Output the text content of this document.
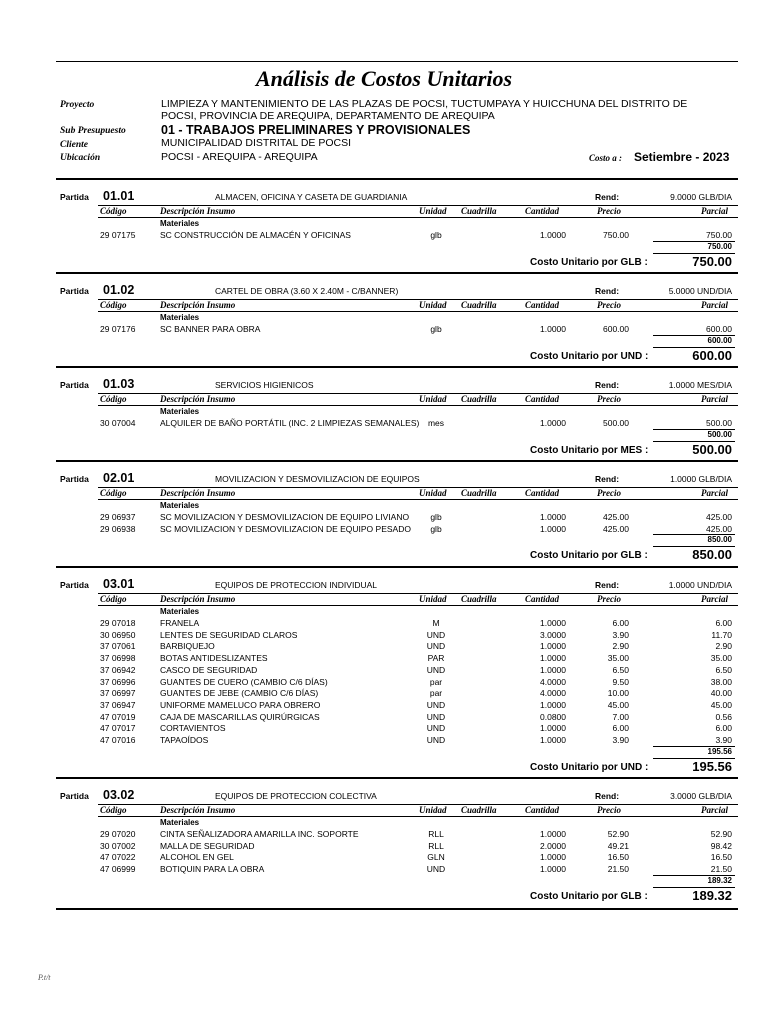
Análisis de Costos Unitarios
Proyecto	LIMPIEZA Y MANTENIMIENTO DE LAS PLAZAS DE POCSI, TUCTUMPAYA Y HUICCHUNA DEL DISTRITO DE
POCSI, PROVINCIA DE AREQUIPA, DEPARTAMENTO DE AREQUIPA
Sub Presupuesto	01 - TRABAJOS PRELIMINARES Y PROVISIONALES
Cliente	MUNICIPALIDAD DISTRITAL DE POCSI
Ubicación	POCSI - AREQUIPA - AREQUIPA	Costo a : Setiembre - 2023
Partida 01.01	ALMACEN, OFICINA Y CASETA DE GUARDIANIA	Rend:	9.0000 GLB/DIA
Código	Descripción Insumo	Unidad Cuadrilla	Cantidad	Precio	Parcial
Materiales
29 07175	SC CONSTRUCCIÓN DE ALMACÉN Y OFICINAS	glb	1.0000	750.00	750.00
750.00
Costo Unitario por GLB :	750.00
Partida 01.02	CARTEL DE OBRA (3.60 X 2.40M - C/BANNER)	Rend:	5.0000 UND/DIA
Código	Descripción Insumo	Unidad Cuadrilla	Cantidad	Precio	Parcial
Materiales
29 07176	SC BANNER PARA OBRA	glb	1.0000	600.00	600.00
600.00
Costo Unitario por UND :	600.00
Partida 01.03	SERVICIOS HIGIENICOS	Rend:	1.0000 MES/DIA
Código	Descripción Insumo	Unidad Cuadrilla	Cantidad	Precio	Parcial
Materiales
30 07004	ALQUILER DE BAÑO PORTÁTIL (INC. 2 LIMPIEZAS SEMANALES)	mes	1.0000	500.00	500.00
500.00
Costo Unitario por MES :	500.00
Partida 02.01	MOVILIZACION Y DESMOVILIZACION DE EQUIPOS	Rend:	1.0000 GLB/DIA
Código	Descripción Insumo	Unidad Cuadrilla	Cantidad	Precio	Parcial
Materiales
29 06937	SC MOVILIZACION Y DESMOVILIZACION DE EQUIPO LIVIANO	glb	1.0000	425.00	425.00
29 06938	SC MOVILIZACION Y DESMOVILIZACION DE EQUIPO PESADO	glb	1.0000	425.00	425.00
850.00
Costo Unitario por GLB :	850.00
Partida 03.01	EQUIPOS DE PROTECCION INDIVIDUAL	Rend:	1.0000 UND/DIA
Código	Descripción Insumo	Unidad Cuadrilla	Cantidad	Precio	Parcial
Materiales
29 07018	FRANELA	M	1.0000	6.00	6.00
30 06950	LENTES DE SEGURIDAD CLAROS	UND	3.0000	3.90	11.70
37 07061	BARBIQUEJO	UND	1.0000	2.90	2.90
37 06998	BOTAS ANTIDESLIZANTES	PAR	1.0000	35.00	35.00
37 06942	CASCO DE SEGURIDAD	UND	1.0000	6.50	6.50
37 06996	GUANTES DE CUERO (CAMBIO C/6 DÍAS)	par	4.0000	9.50	38.00
37 06997	GUANTES DE JEBE (CAMBIO C/6 DÍAS)	par	4.0000	10.00	40.00
37 06947	UNIFORME MAMELUCO PARA OBRERO	UND	1.0000	45.00	45.00
47 07019	CAJA DE MASCARILLAS QUIRÚRGICAS	UND	0.0800	7.00	0.56
47 07017	CORTAVIENTOS	UND	1.0000	6.00	6.00
47 07016	TAPAOÍDOS	UND	1.0000	3.90	3.90
195.56
Costo Unitario por UND :	195.56
Partida 03.02	EQUIPOS DE PROTECCION COLECTIVA	Rend:	3.0000 GLB/DIA
Código	Descripción Insumo	Unidad Cuadrilla	Cantidad	Precio	Parcial
Materiales
29 07020	CINTA SEÑALIZADORA AMARILLA INC. SOPORTE	RLL	1.0000	52.90	52.90
30 07002	MALLA DE SEGURIDAD	RLL	2.0000	49.21	98.42
47 07022	ALCOHOL EN GEL	GLN	1.0000	16.50	16.50
47 06999	BOTIQUIN PARA LA OBRA	UND	1.0000	21.50	21.50
189.32
Costo Unitario por GLB :	189.32
P.t/t
